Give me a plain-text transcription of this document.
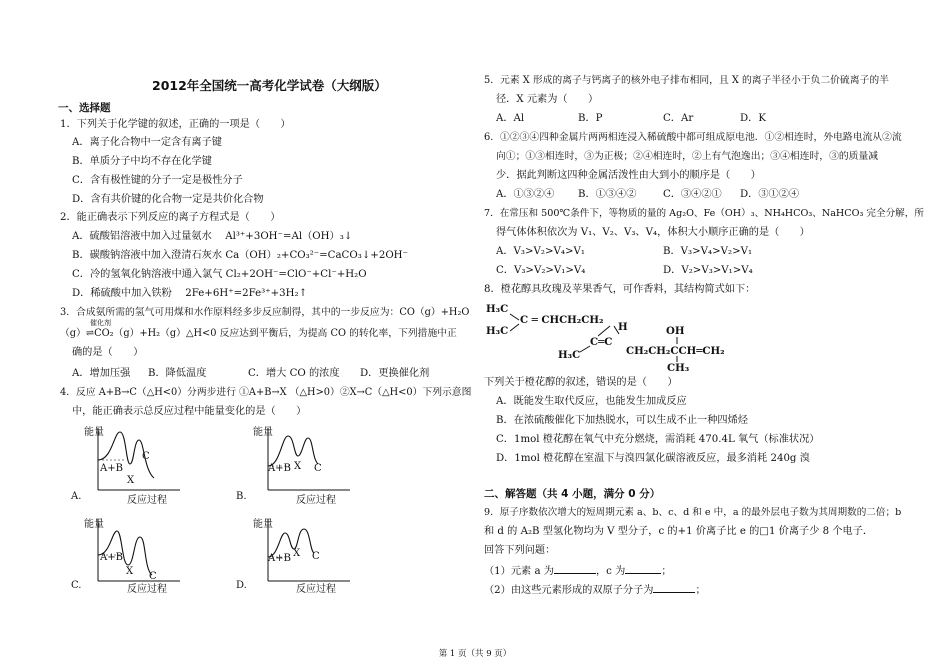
2012年全国统一高考化学试卷（大纲版）
一、选择题
1．下列关于化学键的叙述，正确的一项是（　　）
A．离子化合物中一定含有离子键
B．单质分子中均不存在化学键
C．含有极性键的分子一定是极性分子
D．含有共价键的化合物一定是共价化合物
2．能正确表示下列反应的离子方程式是（　　）
A．硫酸铝溶液中加入过量氨水　 Al³⁺+3OH⁻=Al（OH）₃↓
B．碳酸钠溶液中加入澄清石灰水 Ca（OH）₂+CO₃²⁻=CaCO₃↓+2OH⁻
C．冷的氢氧化钠溶液中通入氯气 Cl₂+2OH⁻=ClO⁻+Cl⁻+H₂O
D．稀硫酸中加入铁粉　 2Fe+6H⁺=2Fe³⁺+3H₂↑
3．合成氨所需的氢气可用煤和水作原料经多步反应制得，其中的一步反应为：CO（g）+H₂O
催化剂
（g）⇌CO₂（g）+H₂（g）△H<0 反应达到平衡后，为提高 CO 的转化率，下列措施中正
确的是（　　）
A．增加压强 B．降低温度	C．增大 CO 的浓度 D．更换催化剂
4．反应 A+B→C（△H<0）分两步进行 ①A+B→X （△H>0）②X→C（△H<0）下列示意图
中，能正确表示总反应过程中能量变化的是（　　）
能量
A+B
X
C
反应过程
A.
能量
A+B X C
反应过程
B.
能量
A+B
X C
反应过程
C.
能量
A+B X C
反应过程
D.
5．元素 X 形成的离子与钙离子的核外电子排布相同，且 X 的离子半径小于负二价硫离子的半
径．X 元素为（　　）
A．Al	B．P	C．Ar	D．K
6．①②③④四种金属片两两相连浸入稀硫酸中都可组成原电池．①②相连时，外电路电流从②流
向①；①③相连时，③为正极；②④相连时，②上有气泡逸出；③④相连时，③的质量减
少．据此判断这四种金属活泼性由大到小的顺序是（　　）
A．①③②④ B．①③④②	C．③④②① D．③①②④
7．在常压和 500℃条件下，等物质的量的 Ag₂O、Fe（OH）₃、NH₄HCO₃、NaHCO₃ 完全分解，所
得气体体积依次为 V₁、V₂、V₃、V₄，体积大小顺序正确的是（　　）
A．V₃>V₂>V₄>V₁	B．V₃>V₄>V₂>V₁
C．V₃>V₂>V₁>V₄	D．V₂>V₃>V₁>V₄
8．橙花醇具玫瑰及苹果香气，可作香料，其结构简式如下：
H₃C
H₃C
C ═ CHCH₂CH₂
H₃C
C═C
H	OH
CH₂CH₂CCH═CH₂
CH₃
下列关于橙花醇的叙述，错误的是（　　）
A．既能发生取代反应，也能发生加成反应
B．在浓硫酸催化下加热脱水，可以生成不止一种四烯烃
C．1mol 橙花醇在氧气中充分燃烧，需消耗 470.4L 氧气（标准状况）
D．1mol 橙花醇在室温下与溴四氯化碳溶液反应，最多消耗 240g 溴
二、解答题（共 4 小题，满分 0 分）
9．原子序数依次增大的短周期元素 a、b、c、d 和 e 中，a 的最外层电子数为其周期数的二倍；b
和 d 的 A₂B 型氢化物均为 V 型分子，c 的+1 价离子比 e 的□1 价离子少 8 个电子．
回答下列问题：
（1）元素 a 为	，c 为	；
（2）由这些元素形成的双原子分子为	；
第 1 页（共 9 页）
